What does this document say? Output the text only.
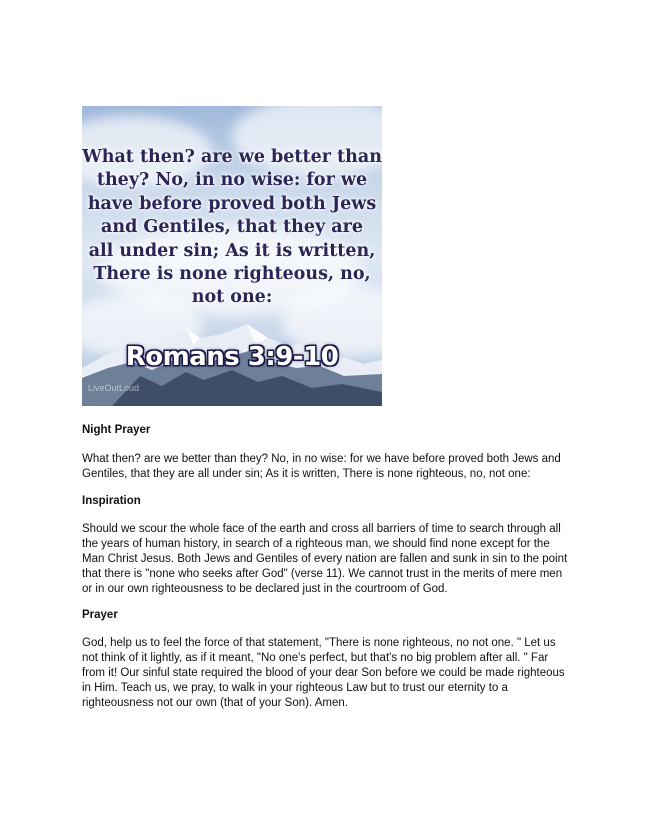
What then? are we better than
they? No, in no wise: for we
have before proved both Jews
and Gentiles, that they are
all under sin; As it is written,
There is none righteous, no,
not one:
Romans 3:9-10
LiveOutLoud
Night Prayer
What then? are we better than they? No, in no wise: for we have before proved both Jews and Gentiles, that they are all under sin; As it is written, There is none righteous, no, not one:
Inspiration
Should we scour the whole face of the earth and cross all barriers of time to search through all the years of human history, in search of a righteous man, we should find none except for the Man Christ Jesus. Both Jews and Gentiles of every nation are fallen and sunk in sin to the point that there is "none who seeks after God" (verse 11). We cannot trust in the merits of mere men or in our own righteousness to be declared just in the courtroom of God.
Prayer
God, help us to feel the force of that statement, "There is none righteous, no not one. " Let us not think of it lightly, as if it meant, "No one's perfect, but that's no big problem after all. " Far from it! Our sinful state required the blood of your dear Son before we could be made righteous in Him. Teach us, we pray, to walk in your righteous Law but to trust our eternity to a righteousness not our own (that of your Son). Amen.
